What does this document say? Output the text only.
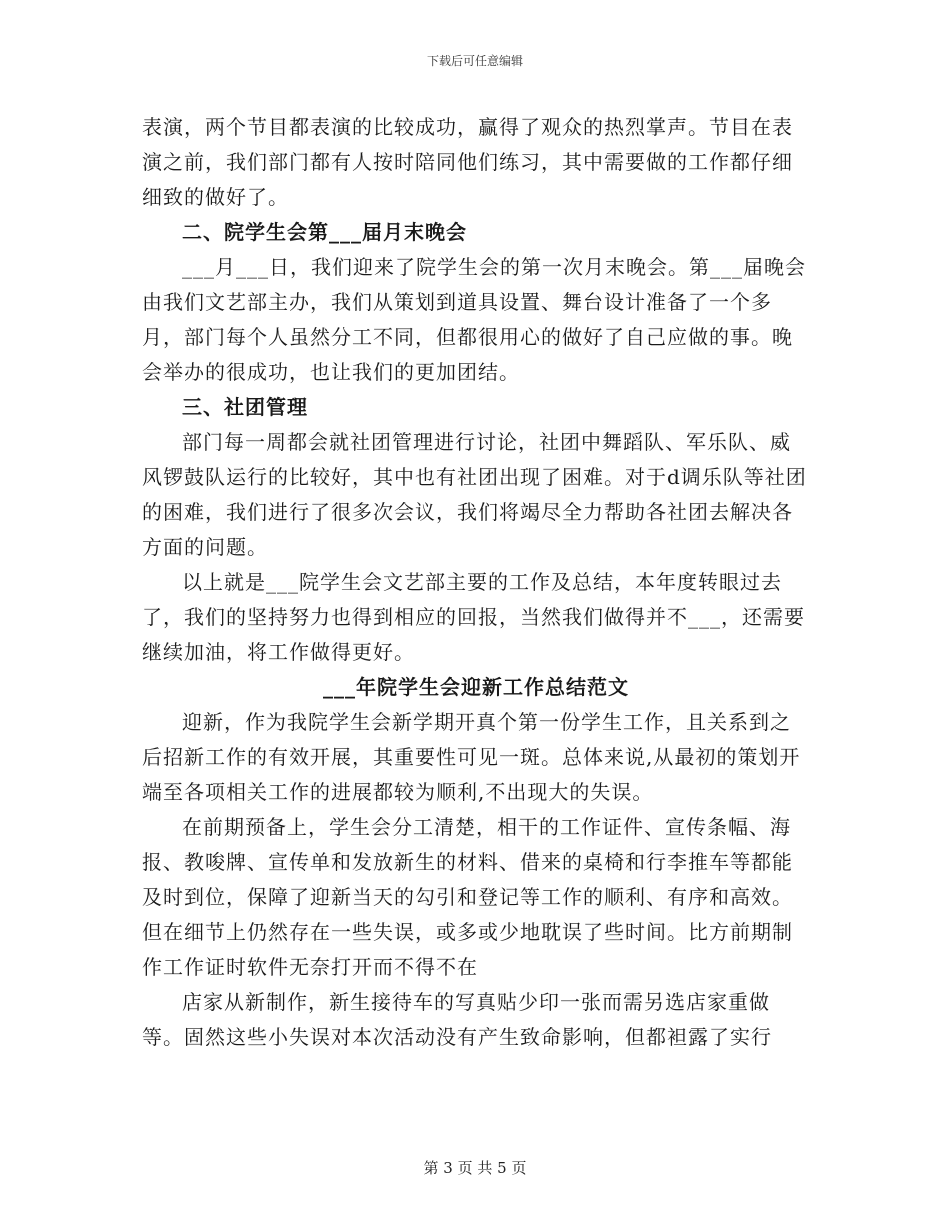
下载后可任意编辑

表演，两个节目都表演的比较成功，赢得了观众的热烈掌声。节目在表演之前，我们部门都有人按时陪同他们练习，其中需要做的工作都仔细细致的做好了。

二、院学生会第___届月末晚会

___月___日，我们迎来了院学生会的第一次月末晚会。第___届晚会由我们文艺部主办，我们从策划到道具设置、舞台设计准备了一个多月，部门每个人虽然分工不同，但都很用心的做好了自己应做的事。晚会举办的很成功，也让我们的更加团结。

三、社团管理

部门每一周都会就社团管理进行讨论，社团中舞蹈队、军乐队、威风锣鼓队运行的比较好，其中也有社团出现了困难。对于d调乐队等社团的困难，我们进行了很多次会议，我们将竭尽全力帮助各社团去解决各方面的问题。

以上就是___院学生会文艺部主要的工作及总结，本年度转眼过去了，我们的坚持努力也得到相应的回报，当然我们做得并不___，还需要继续加油，将工作做得更好。

___年院学生会迎新工作总结范文

迎新，作为我院学生会新学期开真个第一份学生工作，且关系到之后招新工作的有效开展，其重要性可见一斑。总体来说,从最初的策划开端至各项相关工作的进展都较为顺利,不出现大的失误。

在前期预备上，学生会分工清楚，相干的工作证件、宣传条幅、海报、教唆牌、宣传单和发放新生的材料、借来的桌椅和行李推车等都能及时到位，保障了迎新当天的勾引和登记等工作的顺利、有序和高效。但在细节上仍然存在一些失误，或多或少地耽误了些时间。比方前期制作工作证时软件无奈打开而不得不在

店家从新制作，新生接待车的写真贴少印一张而需另选店家重做等。固然这些小失误对本次活动没有产生致命影响，但都袒露了实行

第 3 页 共 5 页
